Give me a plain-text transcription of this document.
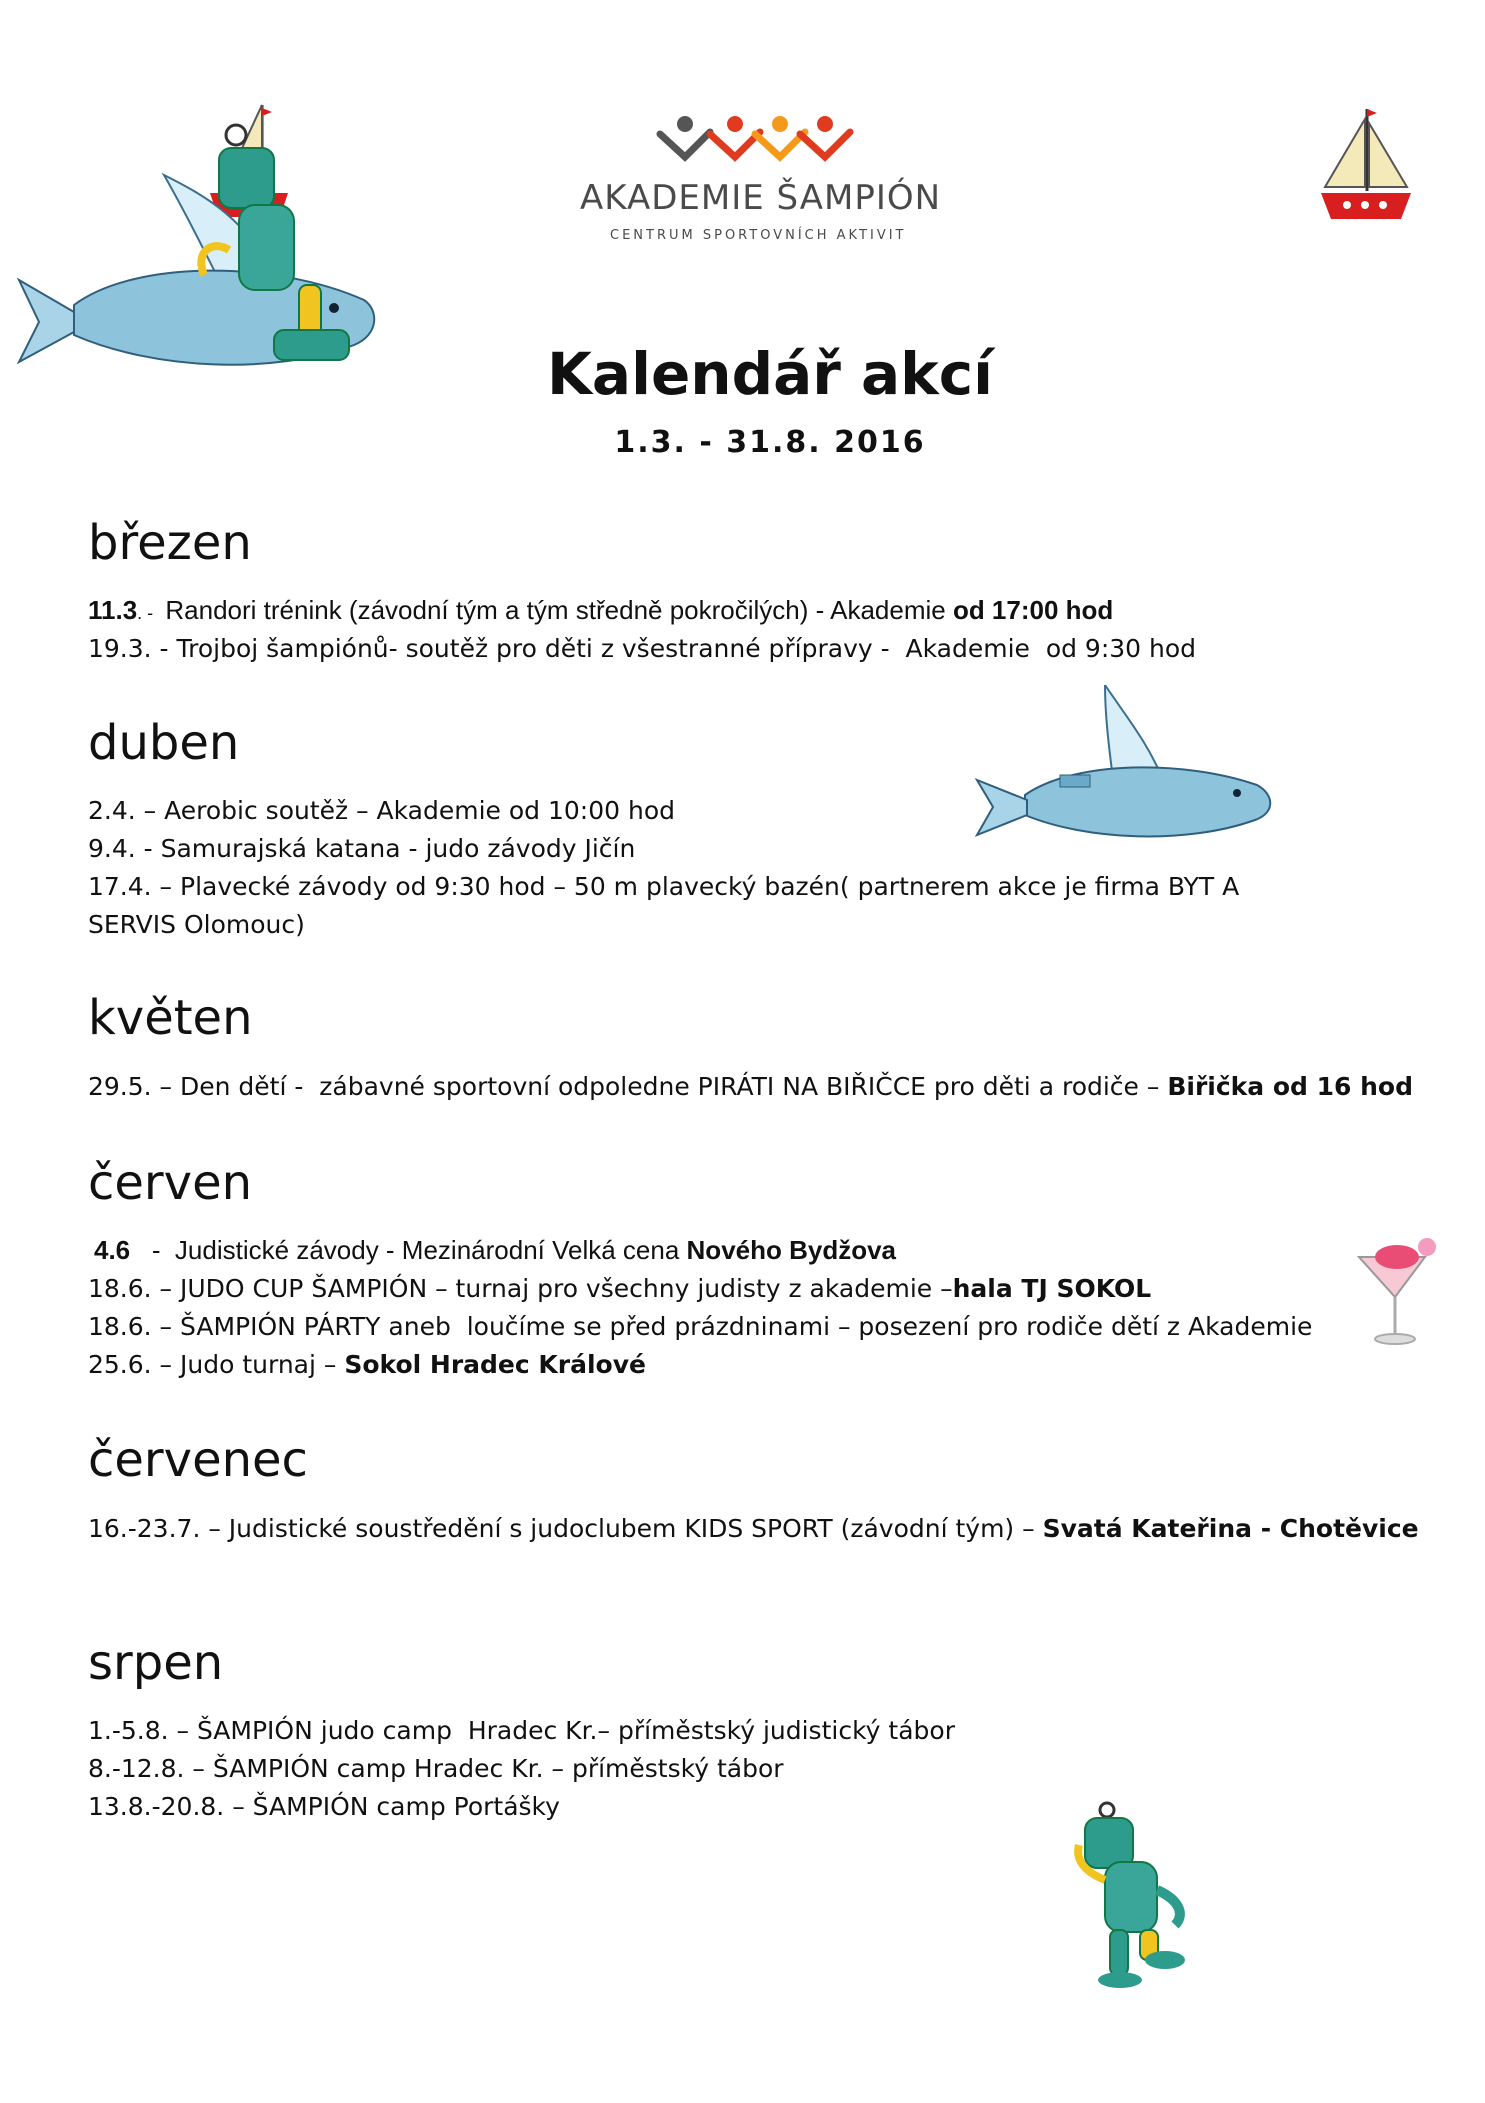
AKADEMIE ŠAMPIÓN
CENTRUM SPORTOVNÍCH AKTIVIT
Kalendář akcí
1.3. - 31.8. 2016
březen
11.3. -  Randori trénink (závodní tým a tým středně pokročilých) - Akademie od 17:00 hod
19.3. - Trojboj šampiónů- soutěž pro děti z všestranné přípravy -  Akademie  od 9:30 hod
duben
2.4. – Aerobic soutěž – Akademie od 10:00 hod
9.4. - Samurajská katana - judo závody Jičín
17.4. – Plavecké závody od 9:30 hod – 50 m plavecký bazén( partnerem akce je firma BYT A
SERVIS Olomouc)
květen
29.5. – Den dětí -  zábavné sportovní odpoledne PIRÁTI NA BIŘIČCE pro děti a rodiče – Biřička od 16 hod
červen
4.6   -  Judistické závody - Mezinárodní Velká cena Nového Bydžova
18.6. – JUDO CUP ŠAMPIÓN – turnaj pro všechny judisty z akademie –hala TJ SOKOL
18.6. – ŠAMPIÓN PÁRTY aneb  loučíme se před prázdninami – posezení pro rodiče dětí z Akademie
25.6. – Judo turnaj – Sokol Hradec Králové
červenec
16.-23.7. – Judistické soustředění s judoclubem KIDS SPORT (závodní tým) – Svatá Kateřina - Chotěvice
srpen
1.-5.8. – ŠAMPIÓN judo camp  Hradec Kr.– příměstský judistický tábor
8.-12.8. – ŠAMPIÓN camp Hradec Kr. – příměstský tábor
13.8.-20.8. – ŠAMPIÓN camp Portášky
